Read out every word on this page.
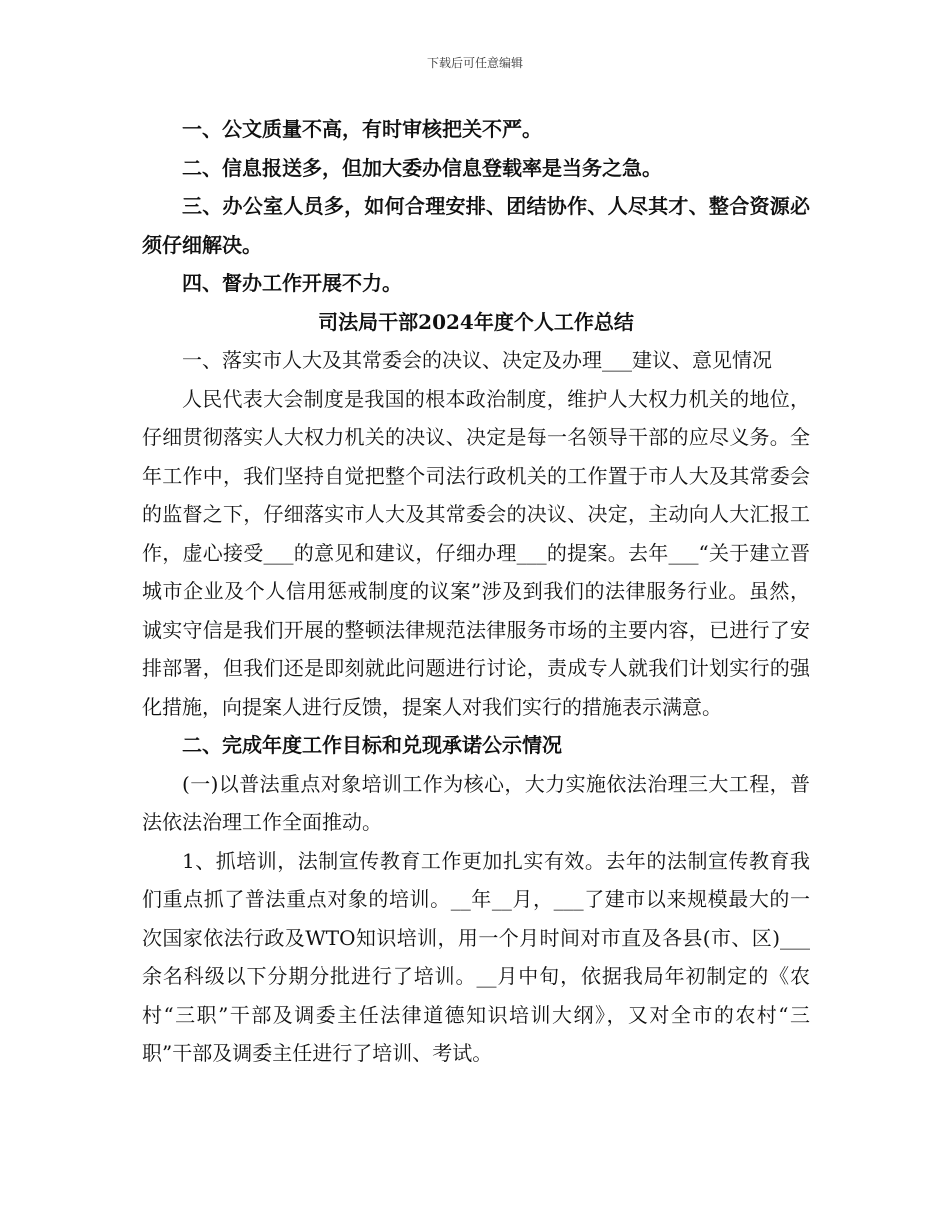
下载后可任意编辑

一、公文质量不高，有时审核把关不严。

二、信息报送多，但加大委办信息登载率是当务之急。

三、办公室人员多，如何合理安排、团结协作、人尽其才、整合资源必须仔细解决。

四、督办工作开展不力。

司法局干部2024年度个人工作总结

一、落实市人大及其常委会的决议、决定及办理___建议、意见情况

人民代表大会制度是我国的根本政治制度，维护人大权力机关的地位，仔细贯彻落实人大权力机关的决议、决定是每一名领导干部的应尽义务。全年工作中，我们坚持自觉把整个司法行政机关的工作置于市人大及其常委会的监督之下，仔细落实市人大及其常委会的决议、决定，主动向人大汇报工作，虚心接受___的意见和建议，仔细办理___的提案。去年___“关于建立晋城市企业及个人信用惩戒制度的议案”涉及到我们的法律服务行业。虽然，诚实守信是我们开展的整顿法律规范法律服务市场的主要内容，已进行了安排部署，但我们还是即刻就此问题进行讨论，责成专人就我们计划实行的强化措施，向提案人进行反馈，提案人对我们实行的措施表示满意。

二、完成年度工作目标和兑现承诺公示情况

(一)以普法重点对象培训工作为核心，大力实施依法治理三大工程，普法依法治理工作全面推动。

1、抓培训，法制宣传教育工作更加扎实有效。去年的法制宣传教育我们重点抓了普法重点对象的培训。__年__月，___了建市以来规模最大的一次国家依法行政及WTO知识培训，用一个月时间对市直及各县(市、区)___余名科级以下分期分批进行了培训。__月中旬，依据我局年初制定的《农村“三职”干部及调委主任法律道德知识培训大纲》，又对全市的农村“三职”干部及调委主任进行了培训、考试。
